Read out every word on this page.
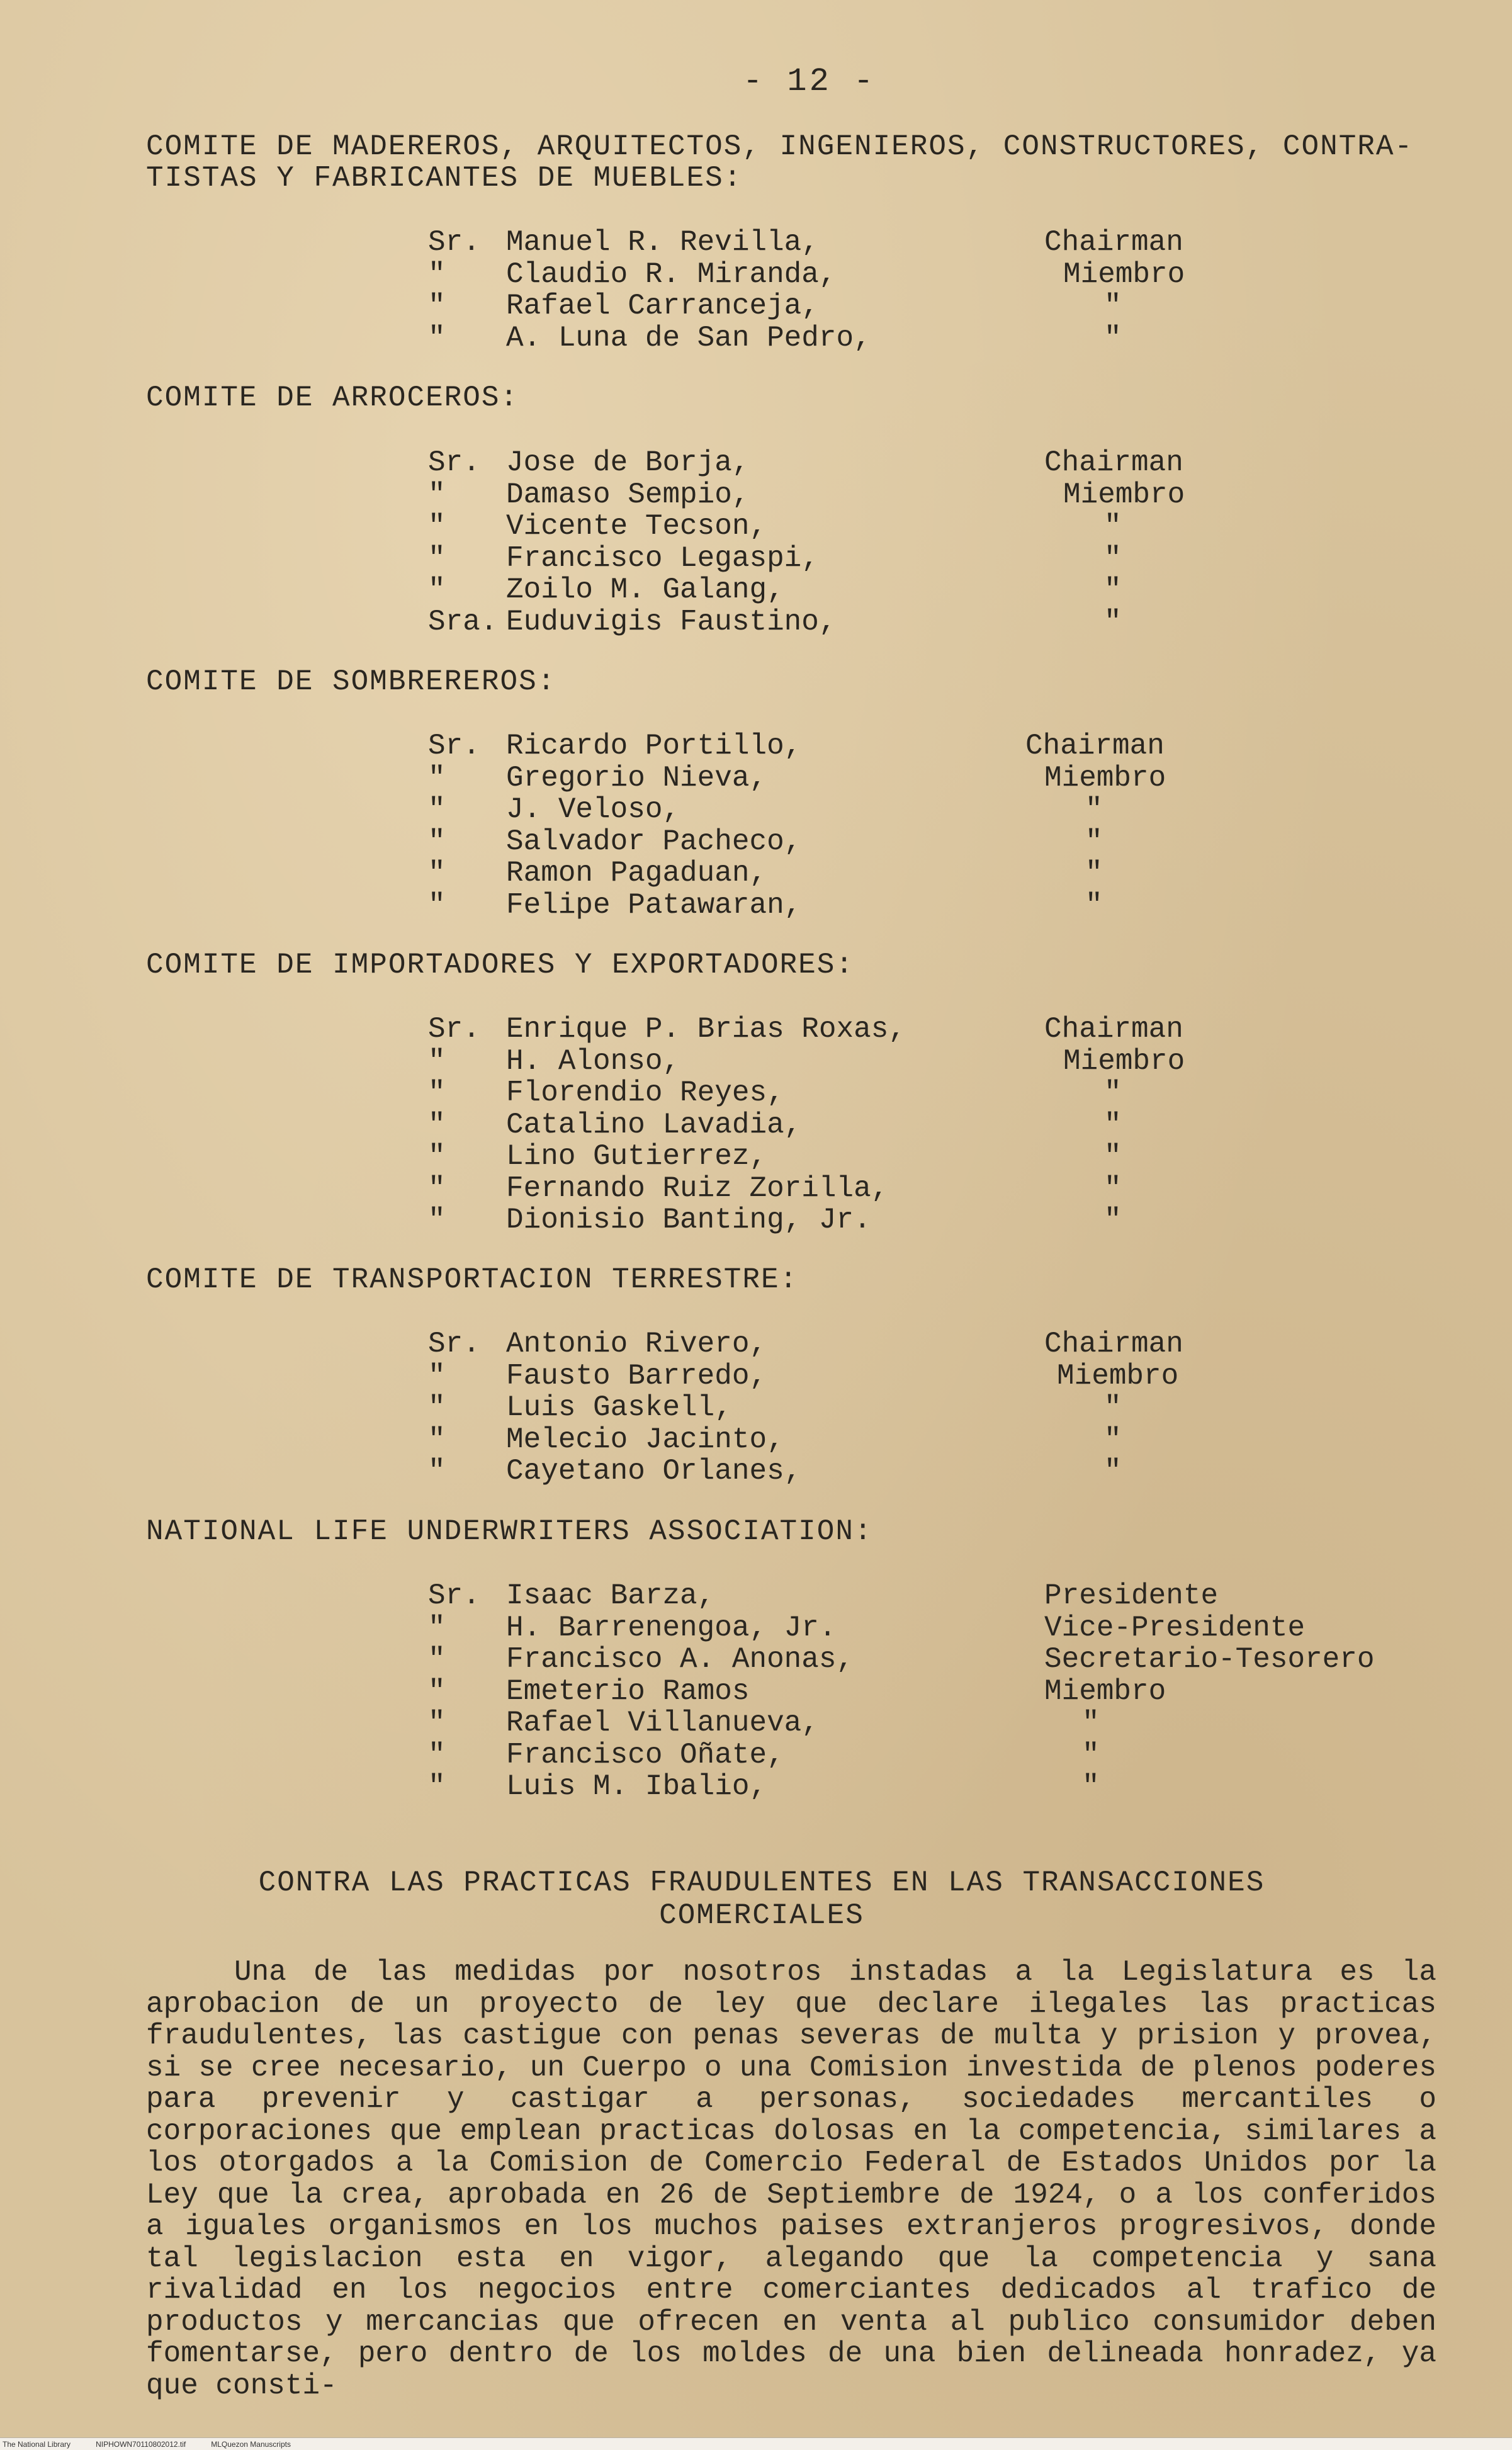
- 12 -
COMITE DE MADEREROS, ARQUITECTOS, INGENIEROS, CONSTRUCTORES, CONTRA-
TISTAS Y FABRICANTES DE MUEBLES:
Sr. Manuel R. Revilla,	Chairman
"	Claudio R. Miranda,	Miembro
"	Rafael Carranceja,	"
"	A. Luna de San Pedro,	"
COMITE DE ARROCEROS:
Sr. Jose de Borja,	Chairman
"	Damaso Sempio,	Miembro
"	Vicente Tecson,	"
"	Francisco Legaspi,	"
"	Zoilo M. Galang,	"
Sra. Euduvigis Faustino,	"
COMITE DE SOMBREREROS:
Sr. Ricardo Portillo,	Chairman
"	Gregorio Nieva,	Miembro
"	J. Veloso,	"
"	Salvador Pacheco,	"
"	Ramon Pagaduan,	"
"	Felipe Patawaran,	"
COMITE DE IMPORTADORES Y EXPORTADORES:
Sr. Enrique P. Brias Roxas,	Chairman
"	H. Alonso,	Miembro
"	Florendio Reyes,	"
"	Catalino Lavadia,	"
"	Lino Gutierrez,	"
"	Fernando Ruiz Zorilla,	"
"	Dionisio Banting, Jr.	"
COMITE DE TRANSPORTACION TERRESTRE:
Sr. Antonio Rivero,	Chairman
"	Fausto Barredo,	Miembro
"	Luis Gaskell,	"
"	Melecio Jacinto,	"
"	Cayetano Orlanes,	"
NATIONAL LIFE UNDERWRITERS ASSOCIATION:
Sr. Isaac Barza,	Presidente
"	H. Barrenengoa, Jr.	Vice-Presidente
"	Francisco A. Anonas,	Secretario-Tesorero
"	Emeterio Ramos	Miembro
"	Rafael Villanueva,	"
"	Francisco Oñate,	"
"	Luis M. Ibalio,	"
CONTRA LAS PRACTICAS FRAUDULENTES EN LAS TRANSACCIONES
COMERCIALES
Una de las medidas por nosotros instadas a la Legislatura es la aprobacion de un proyecto de ley que declare ilegales las practicas fraudulentes, las castigue con penas severas de multa y prision y provea, si se cree necesario, un Cuerpo o una Comision investida de plenos poderes para prevenir y castigar a personas, sociedades mercantiles o corporaciones que emplean practicas dolosas en la competencia, similares a los otorgados a la Comision de Comercio Federal de Estados Unidos por la Ley que la crea, aprobada en 26 de Septiembre de 1924, o a los conferidos a iguales organismos en los muchos paises extranjeros progresivos, donde tal legislacion esta en vigor, alegando que la competencia y sana rivalidad en los negocios entre comerciantes dedicados al trafico de productos y mercancias que ofrecen en venta al publico consumidor deben fomentarse, pero dentro de los moldes de una bien delineada honradez, ya que consti-
The National Library	NIPHOWN70110802012.tif	MLQuezon Manuscripts
